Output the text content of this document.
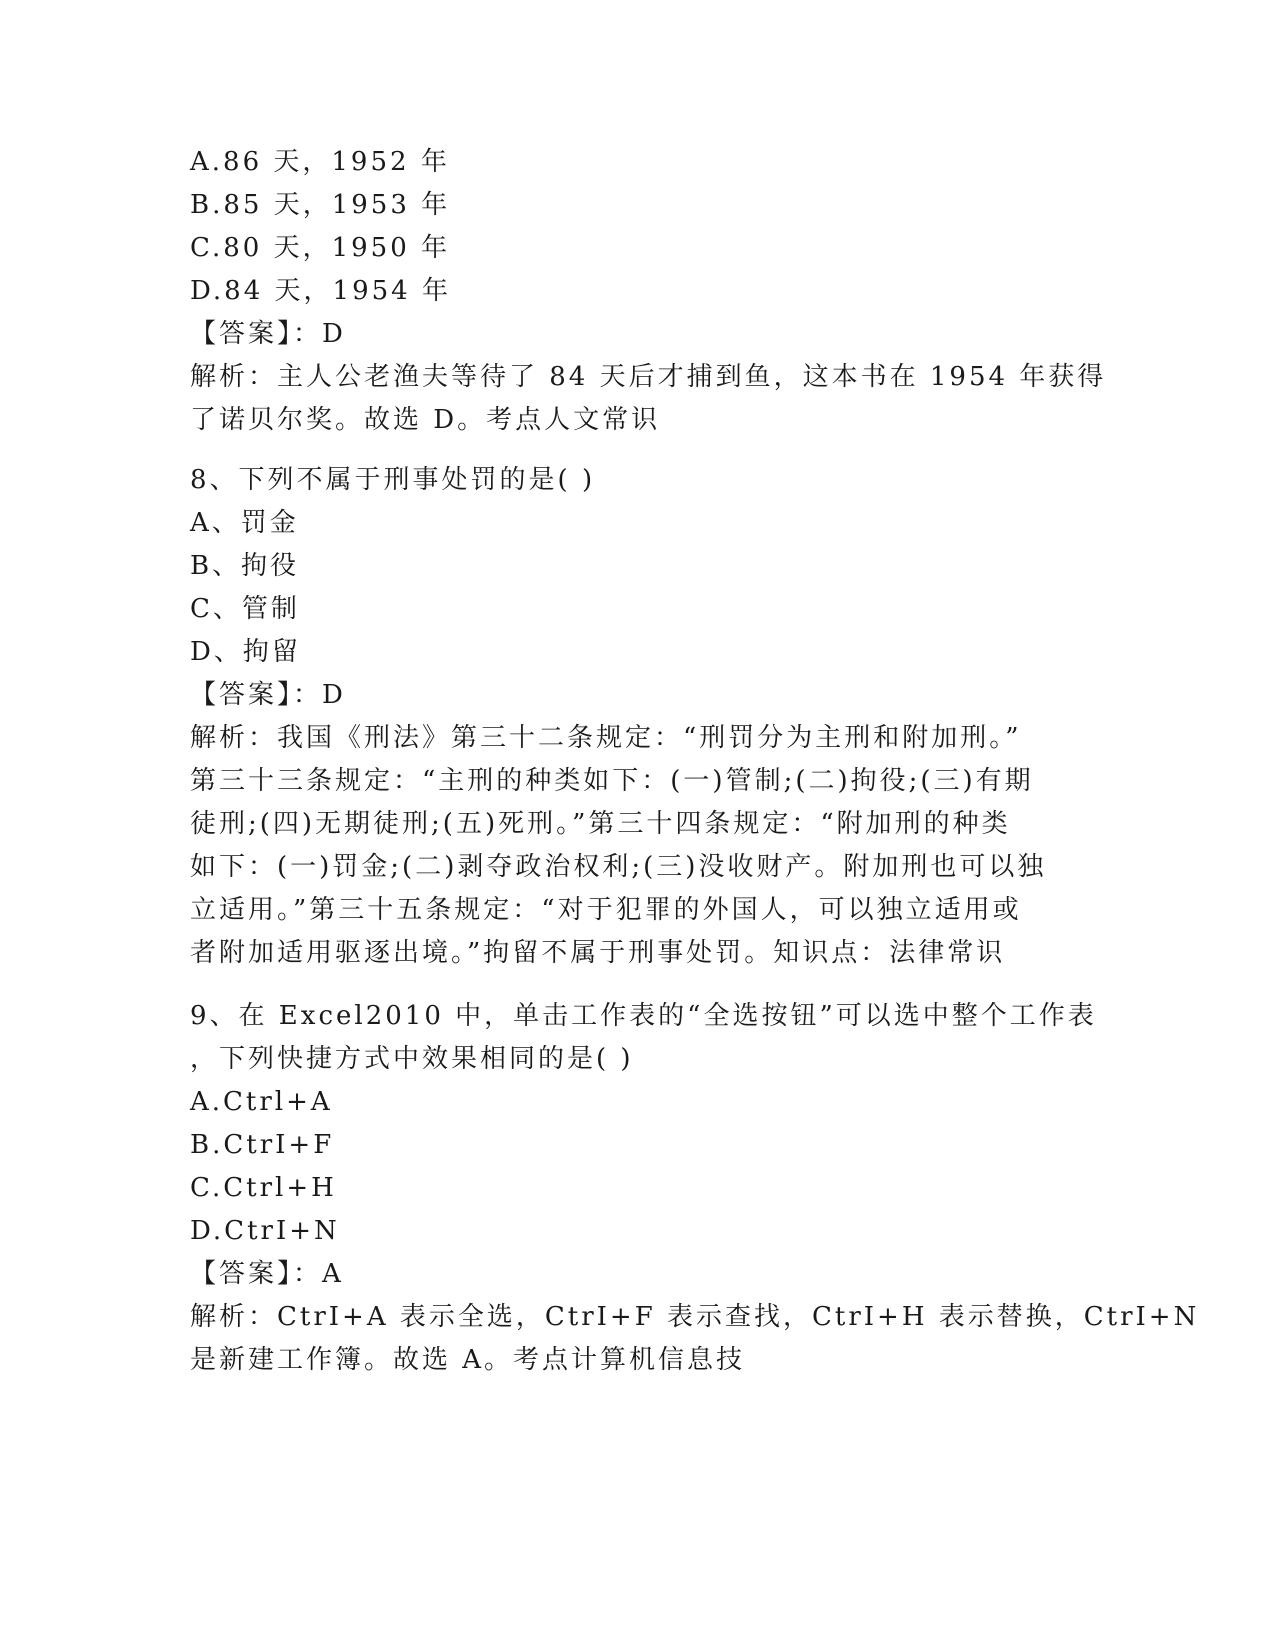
A.86 天，1952 年
B.85 天，1953 年
C.80 天，1950 年
D.84 天，1954 年
【答案】：D
解析：主人公老渔夫等待了 84 天后才捕到鱼，这本书在 1954 年获得
了诺贝尔奖。故选 D。考点人文常识
8、下列不属于刑事处罚的是( )
A、罚金
B、拘役
C、管制
D、拘留
【答案】：D
解析：我国《刑法》第三十二条规定：“刑罚分为主刑和附加刑。”
第三十三条规定：“主刑的种类如下：(一)管制;(二)拘役;(三)有期
徒刑;(四)无期徒刑;(五)死刑。”第三十四条规定：“附加刑的种类
如下：(一)罚金;(二)剥夺政治权利;(三)没收财产。附加刑也可以独
立适用。”第三十五条规定：“对于犯罪的外国人，可以独立适用或
者附加适用驱逐出境。”拘留不属于刑事处罚。知识点：法律常识
9、在 Excel2010 中，单击工作表的“全选按钮”可以选中整个工作表
，下列快捷方式中效果相同的是( )
A.Ctrl+A
B.CtrI+F
C.Ctrl+H
D.CtrI+N
【答案】：A
解析：CtrI+A 表示全选，CtrI+F 表示查找，CtrI+H 表示替换，CtrI+N
是新建工作簿。故选 A。考点计算机信息技
